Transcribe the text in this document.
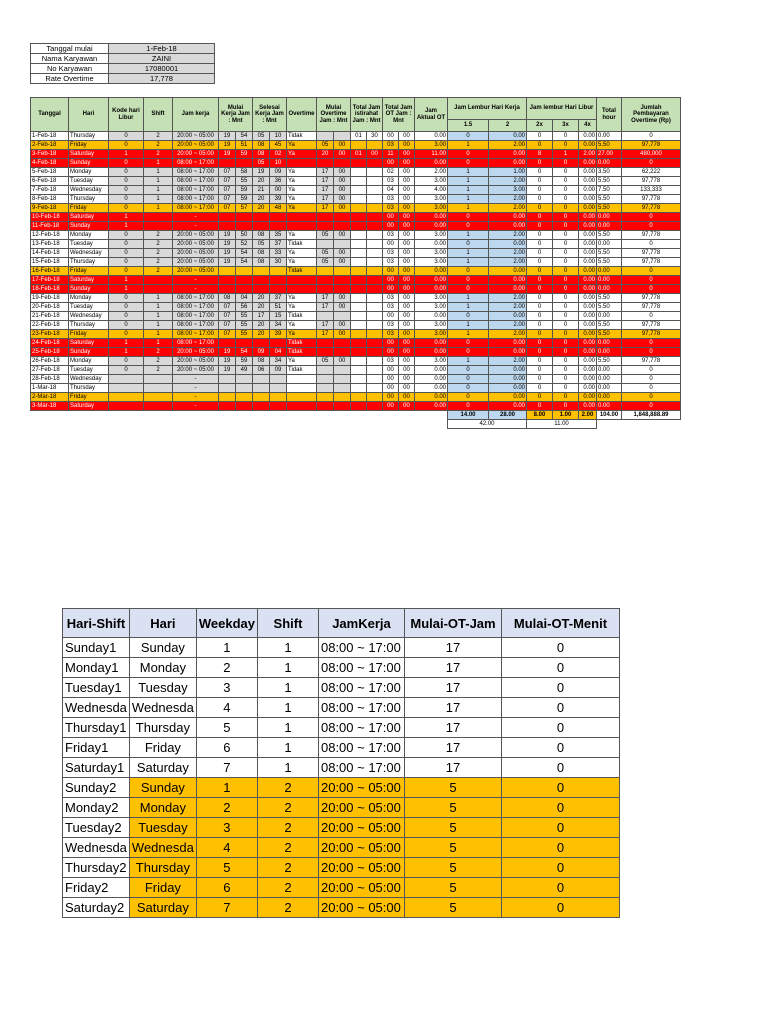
Tanggal mulai	1-Feb-18
Nama Karyawan	ZAINI
No Karyawan	17080001
Rate Overtime	17,778
Tanggal	Hari	Kode hari Libur	Shift	Jam kerja	Mulai Kerja Jam : Mnt		Selesai Kerja Jam : Mnt		Overtime	Mulai Overtime Jam : Mnt		Total Jam istirahat Jam : Mnt		Total Jam OT Jam : Mnt		Jam Aktual OT	Jam Lembur Hari Kerja		Jam lembur Hari Libur			Total hour	Jumlah Pembayaran Overtime (Rp)
																	1.5	2	2x	3x	4x		
1-Feb-18	Thursday	0	2	20:00 ~ 05:00	19	54	05	10	Tidak			01	30	00	00	0.00	0	0.00	0	0	0.00	0.00	0
2-Feb-18	Friday	0	2	20:00 ~ 05:00	19	51	08	45	Ya	05	00			03	00	3.00	1	2.00	0	0	0.00	5.50	97,778
3-Feb-18	Saturday	1	2	20:00 ~ 05:00	19	59	08	02	Ya	20	00	01	00	11	00	11.00	0	0.00	8	1	2.00	27.00	480,000
4-Feb-18	Sunday	0	1	08:00 ~ 17:00			05	10						00	00	0.00	0	0.00	0	0	0.00	0.00	0
5-Feb-18	Monday	0	1	08:00 ~ 17:00	07	58	19	09	Ya	17	00			02	00	2.00	1	1.00	0	0	0.00	3.50	62,222
6-Feb-18	Tuesday	0	1	08:00 ~ 17:00	07	55	20	36	Ya	17	00			03	00	3.00	1	2.00	0	0	0.00	5.50	97,778
7-Feb-18	Wednesday	0	1	08:00 ~ 17:00	07	59	21	00	Ya	17	00			04	00	4.00	1	3.00	0	0	0.00	7.50	133,333
8-Feb-18	Thursday	0	1	08:00 ~ 17:00	07	59	20	39	Ya	17	00			03	00	3.00	1	2.00	0	0	0.00	5.50	97,778
9-Feb-18	Friday	0	1	08:00 ~ 17:00	07	57	20	48	Ya	17	00			03	00	3.00	1	2.00	0	0	0.00	5.50	97,778
10-Feb-18	Saturday	1		-										00	00	0.00	0	0.00	0	0	0.00	0.00	0
11-Feb-18	Sunday	1		-										00	00	0.00	0	0.00	0	0	0.00	0.00	0
12-Feb-18	Monday	0	2	20:00 ~ 05:00	19	50	08	35	Ya	05	00			03	00	3.00	1	2.00	0	0	0.00	5.50	97,778
13-Feb-18	Tuesday	0	2	20:00 ~ 05:00	19	52	05	37	Tidak					00	00	0.00	0	0.00	0	0	0.00	0.00	0
14-Feb-18	Wednesday	0	2	20:00 ~ 05:00	19	54	08	33	Ya	05	00			03	00	3.00	1	2.00	0	0	0.00	5.50	97,778
15-Feb-18	Thursday	0	2	20:00 ~ 05:00	19	54	08	30	Ya	05	00			03	00	3.00	1	2.00	0	0	0.00	5.50	97,778
16-Feb-18	Friday	0	2	20:00 ~ 05:00					Tidak					00	00	0.00	0	0.00	0	0	0.00	0.00	0
17-Feb-18	Saturday	1		-										00	00	0.00	0	0.00	0	0	0.00	0.00	0
18-Feb-18	Sunday	1		-										00	00	0.00	0	0.00	0	0	0.00	0.00	0
19-Feb-18	Monday	0	1	08:00 ~ 17:00	08	04	20	37	Ya	17	00			03	00	3.00	1	2.00	0	0	0.00	5.50	97,778
20-Feb-18	Tuesday	0	1	08:00 ~ 17:00	07	56	20	51	Ya	17	00			03	00	3.00	1	2.00	0	0	0.00	5.50	97,778
21-Feb-18	Wednesday	0	1	08:00 ~ 17:00	07	55	17	15	Tidak					00	00	0.00	0	0.00	0	0	0.00	0.00	0
22-Feb-18	Thursday	0	1	08:00 ~ 17:00	07	55	20	34	Ya	17	00			03	00	3.00	1	2.00	0	0	0.00	5.50	97,778
23-Feb-18	Friday	0	1	08:00 ~ 17:00	07	55	20	39	Ya	17	00			03	00	3.00	1	2.00	0	0	0.00	5.50	97,778
24-Feb-18	Saturday	1	1	08:00 ~ 17:00					Tidak					00	00	0.00	0	0.00	0	0	0.00	0.00	0
25-Feb-18	Sunday	1	2	20:00 ~ 05:00	19	54	09	04	Tidak					00	00	0.00	0	0.00	0	0	0.00	0.00	0
26-Feb-18	Monday	0	2	20:00 ~ 05:00	19	59	08	34	Ya	05	00			03	00	3.00	1	2.00	0	0	0.00	5.50	97,778
27-Feb-18	Tuesday	0	2	20:00 ~ 05:00	19	49	06	09	Tidak					00	00	0.00	0	0.00	0	0	0.00	0.00	0
28-Feb-18	Wednesday			-										00	00	0.00	0	0.00	0	0	0.00	0.00	0
1-Mar-18	Thursday			-										00	00	0.00	0	0.00	0	0	0.00	0.00	0
2-Mar-18	Friday			-										00	00	0.00	0	0.00	0	0	0.00	0.00	0
3-Mar-18	Saturday			-										00	00	0.00	0	0.00	0	0	0.00	0.00	0
																	14.00	28.00	8.00	1.00	2.00	104.00	1,848,888.89
																	42.00		11.00				
Hari-Shift	Hari	Weekday	Shift	JamKerja	Mulai-OT-Jam	Mulai-OT-Menit
Sunday1	Sunday	1	1	08:00 ~ 17:00	17	0
Monday1	Monday	2	1	08:00 ~ 17:00	17	0
Tuesday1	Tuesday	3	1	08:00 ~ 17:00	17	0
Wednesda	Wednesda	4	1	08:00 ~ 17:00	17	0
Thursday1	Thursday	5	1	08:00 ~ 17:00	17	0
Friday1	Friday	6	1	08:00 ~ 17:00	17	0
Saturday1	Saturday	7	1	08:00 ~ 17:00	17	0
Sunday2	Sunday	1	2	20:00 ~ 05:00	5	0
Monday2	Monday	2	2	20:00 ~ 05:00	5	0
Tuesday2	Tuesday	3	2	20:00 ~ 05:00	5	0
Wednesda	Wednesda	4	2	20:00 ~ 05:00	5	0
Thursday2	Thursday	5	2	20:00 ~ 05:00	5	0
Friday2	Friday	6	2	20:00 ~ 05:00	5	0
Saturday2	Saturday	7	2	20:00 ~ 05:00	5	0
